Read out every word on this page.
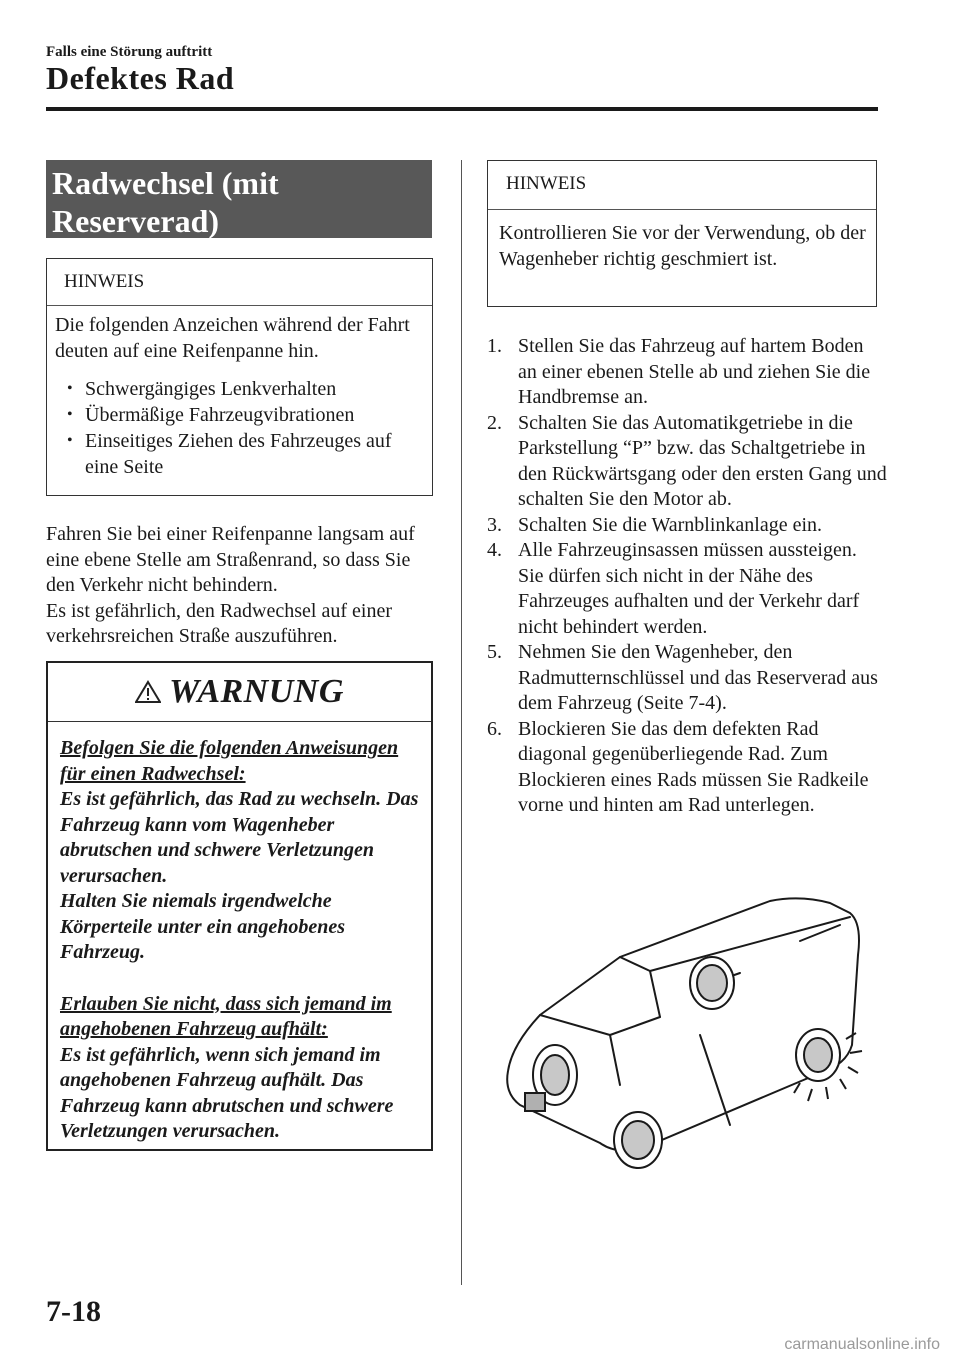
Falls eine Störung auftritt
Defektes Rad
Radwechsel (mit
Reserverad)
HINWEIS
Die folgenden Anzeichen während der Fahrt deuten auf eine Reifenpanne hin.
• Schwergängiges Lenkverhalten
• Übermäßige Fahrzeugvibrationen
• Einseitiges Ziehen des Fahrzeuges auf eine Seite

Fahren Sie bei einer Reifenpanne langsam auf eine ebene Stelle am Straßenrand, so dass Sie den Verkehr nicht behindern.

Es ist gefährlich, den Radwechsel auf einer verkehrsreichen Straße auszuführen.

WARNUNG

Befolgen Sie die folgenden Anweisungen für einen Radwechsel:

Es ist gefährlich, das Rad zu wechseln. Das Fahrzeug kann vom Wagenheber abrutschen und schwere Verletzungen verursachen.

Halten Sie niemals irgendwelche Körperteile unter ein angehobenes Fahrzeug.

Erlauben Sie nicht, dass sich jemand im angehobenen Fahrzeug aufhält:

Es ist gefährlich, wenn sich jemand im angehobenen Fahrzeug aufhält. Das Fahrzeug kann abrutschen und schwere Verletzungen verursachen.

HINWEIS
Kontrollieren Sie vor der Verwendung, ob der Wagenheber richtig geschmiert ist.
1. Stellen Sie das Fahrzeug auf hartem Boden an einer ebenen Stelle ab und ziehen Sie die Handbremse an.
2. Schalten Sie das Automatikgetriebe in die Parkstellung “P” bzw. das Schaltgetriebe in den Rückwärtsgang oder den ersten Gang und schalten Sie den Motor ab.
3. Schalten Sie die Warnblinkanlage ein.
4. Alle Fahrzeuginsassen müssen aussteigen. Sie dürfen sich nicht in der Nähe des Fahrzeuges aufhalten und der Verkehr darf nicht behindert werden.
5. Nehmen Sie den Wagenheber, den Radmutternschlüssel und das Reserverad aus dem Fahrzeug (Seite 7-4).
6. Blockieren Sie das dem defekten Rad diagonal gegenüberliegende Rad. Zum Blockieren eines Rads müssen Sie Radkeile vorne und hinten am Rad unterlegen.
7-18
carmanualsonline.info
